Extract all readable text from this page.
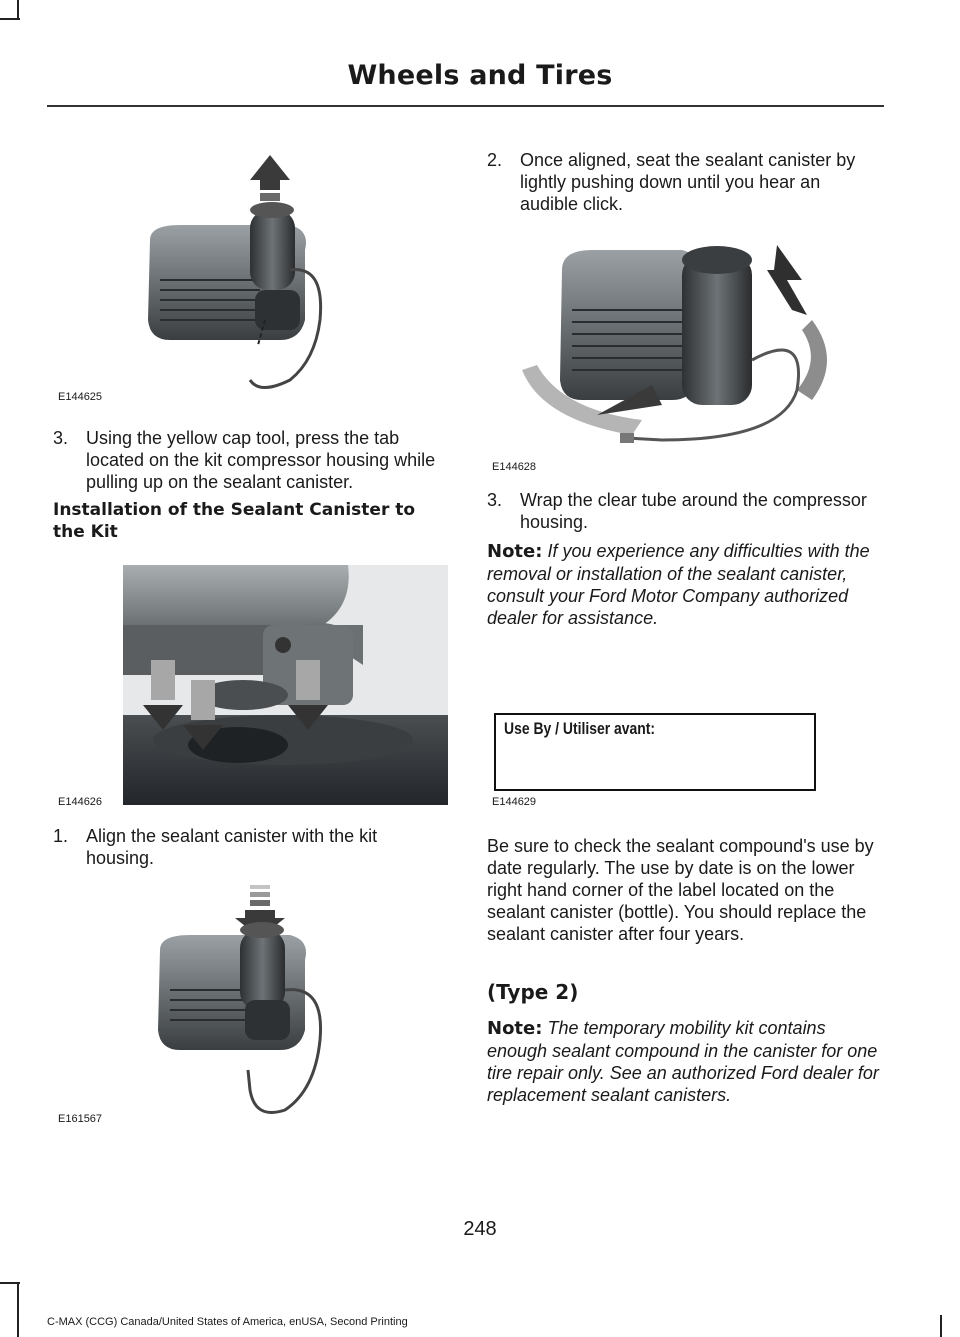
Wheels and Tires
E144625
3. Using the yellow cap tool, press the tab located on the kit compressor housing while pulling up on the sealant canister.
Installation of the Sealant Canister to the Kit
E144626
1. Align the sealant canister with the kit housing.
E161567
2. Once aligned, seat the sealant canister by lightly pushing down until you hear an audible click.
E144628
3. Wrap the clear tube around the compressor housing.
Note: If you experience any difficulties with the removal or installation of the sealant canister, consult your Ford Motor Company authorized dealer for assistance.
Use By / Utiliser avant:
E144629
Be sure to check the sealant compound's use by date regularly. The use by date is on the lower right hand corner of the label located on the sealant canister (bottle). You should replace the sealant canister after four years.
(Type 2)
Note: The temporary mobility kit contains enough sealant compound in the canister for one tire repair only. See an authorized Ford dealer for replacement sealant canisters.
248
C-MAX (CCG) Canada/United States of America, enUSA, Second Printing
